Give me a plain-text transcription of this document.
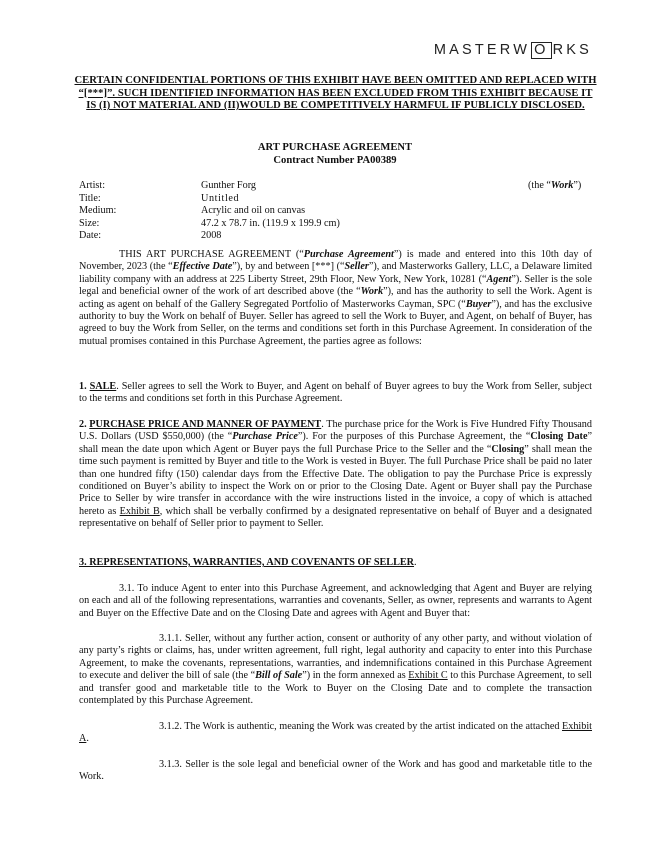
MASTERW O RKS
CERTAIN CONFIDENTIAL PORTIONS OF THIS EXHIBIT HAVE BEEN OMITTED AND REPLACED WITH “[***]”. SUCH IDENTIFIED INFORMATION HAS BEEN EXCLUDED FROM THIS EXHIBIT BECAUSE IT IS (I) NOT MATERIAL AND (II)WOULD BE COMPETITIVELY HARMFUL IF PUBLICLY DISCLOSED.
ART PURCHASE AGREEMENT
Contract Number PA00389
Artist:	Gunther Forg	(the “Work”)
Title:	Untitled
Medium:	Acrylic and oil on canvas
Size:	47.2 x 78.7 in. (119.9 x 199.9 cm)
Date:	2008
THIS ART PURCHASE AGREEMENT (“Purchase Agreement”) is made and entered into this 10th day of November, 2023 (the “Effective Date”), by and between [***] (“Seller”), and Masterworks Gallery, LLC, a Delaware limited liability company with an address at 225 Liberty Street, 29th Floor, New York, New York, 10281 (“Agent”). Seller is the sole legal and beneficial owner of the work of art described above (the “Work”), and has the authority to sell the Work. Agent is acting as agent on behalf of the Gallery Segregated Portfolio of Masterworks Cayman, SPC (“Buyer”), and has the exclusive authority to buy the Work on behalf of Buyer. Seller has agreed to sell the Work to Buyer, and Agent, on behalf of Buyer, has agreed to buy the Work from Seller, on the terms and conditions set forth in this Purchase Agreement. In consideration of the mutual promises contained in this Purchase Agreement, the parties agree as follows:
1. SALE. Seller agrees to sell the Work to Buyer, and Agent on behalf of Buyer agrees to buy the Work from Seller, subject to the terms and conditions set forth in this Purchase Agreement.
2. PURCHASE PRICE AND MANNER OF PAYMENT. The purchase price for the Work is Five Hundred Fifty Thousand U.S. Dollars (USD $550,000) (the “Purchase Price”). For the purposes of this Purchase Agreement, the “Closing Date” shall mean the date upon which Agent or Buyer pays the full Purchase Price to the Seller and the “Closing” shall mean the time such payment is remitted by Buyer and title to the Work is vested in Buyer. The full Purchase Price shall be paid no later than one hundred fifty (150) calendar days from the Effective Date. The obligation to pay the Purchase Price is expressly conditioned on Buyer’s ability to inspect the Work on or prior to the Closing Date. Agent or Buyer shall pay the Purchase Price to Seller by wire transfer in accordance with the wire instructions listed in the invoice, a copy of which is attached hereto as Exhibit B, which shall be verbally confirmed by a designated representative on behalf of Buyer and a designated representative on behalf of Seller prior to payment to Seller.
3. REPRESENTATIONS, WARRANTIES, AND COVENANTS OF SELLER.
3.1. To induce Agent to enter into this Purchase Agreement, and acknowledging that Agent and Buyer are relying on each and all of the following representations, warranties and covenants, Seller, as owner, represents and warrants to Agent and Buyer on the Effective Date and on the Closing Date and agrees with Agent and Buyer that:
3.1.1. Seller, without any further action, consent or authority of any other party, and without violation of any party’s rights or claims, has, under written agreement, full right, legal authority and capacity to enter into this Purchase Agreement, to make the covenants, representations, warranties, and indemnifications contained in this Purchase Agreement to execute and deliver the bill of sale (the “Bill of Sale”) in the form annexed as Exhibit C to this Purchase Agreement, to sell and transfer good and marketable title to the Work to Buyer on the Closing Date and to complete the transaction contemplated by this Purchase Agreement.
3.1.2. The Work is authentic, meaning the Work was created by the artist indicated on the attached Exhibit A.
3.1.3. Seller is the sole legal and beneficial owner of the Work and has good and marketable title to the Work.
